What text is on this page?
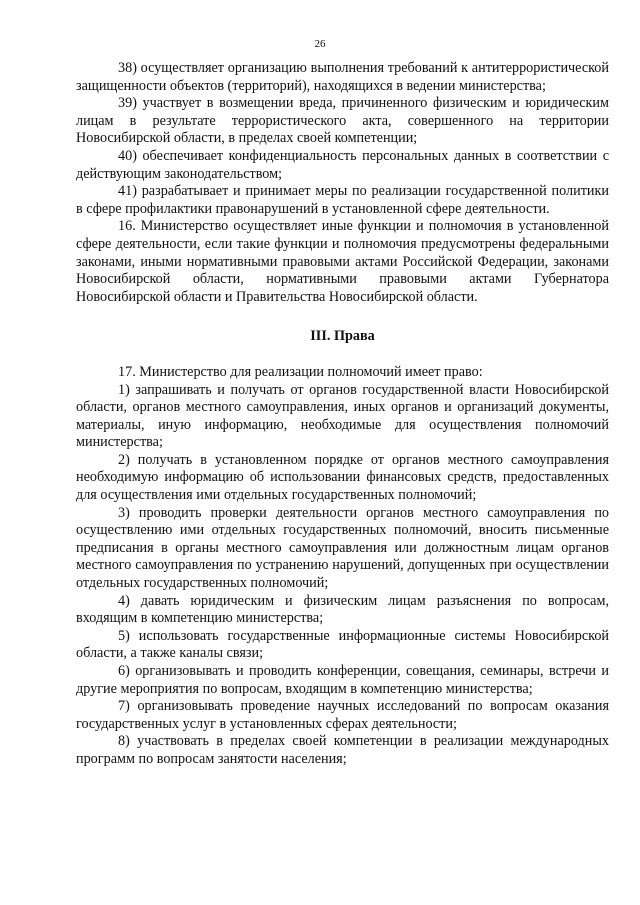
26

38) осуществляет организацию выполнения требований к антитеррористической защищенности объектов (территорий), находящихся в ведении министерства;

39) участвует в возмещении вреда, причиненного физическим и юридическим лицам в результате террористического акта, совершенного на территории Новосибирской области, в пределах своей компетенции;

40) обеспечивает конфиденциальность персональных данных в соответствии с действующим законодательством;

41) разрабатывает и принимает меры по реализации государственной политики в сфере профилактики правонарушений в установленной сфере деятельности.

16. Министерство осуществляет иные функции и полномочия в установленной сфере деятельности, если такие функции и полномочия предусмотрены федеральными законами, иными нормативными правовыми актами Российской Федерации, законами Новосибирской области, нормативными правовыми актами Губернатора Новосибирской области и Правительства Новосибирской области.

III. Права

17. Министерство для реализации полномочий имеет право:

1) запрашивать и получать от органов государственной власти Новосибирской области, органов местного самоуправления, иных органов и организаций документы, материалы, иную информацию, необходимые для осуществления полномочий министерства;

2) получать в установленном порядке от органов местного самоуправления необходимую информацию об использовании финансовых средств, предоставленных для осуществления ими отдельных государственных полномочий;

3) проводить проверки деятельности органов местного самоуправления по осуществлению ими отдельных государственных полномочий, вносить письменные предписания в органы местного самоуправления или должностным лицам органов местного самоуправления по устранению нарушений, допущенных при осуществлении отдельных государственных полномочий;

4) давать юридическим и физическим лицам разъяснения по вопросам, входящим в компетенцию министерства;

5) использовать государственные информационные системы Новосибирской области, а также каналы связи;

6) организовывать и проводить конференции, совещания, семинары, встречи и другие мероприятия по вопросам, входящим в компетенцию министерства;

7) организовывать проведение научных исследований по вопросам оказания государственных услуг в установленных сферах деятельности;

8) участвовать в пределах своей компетенции в реализации международных программ по вопросам занятости населения;
